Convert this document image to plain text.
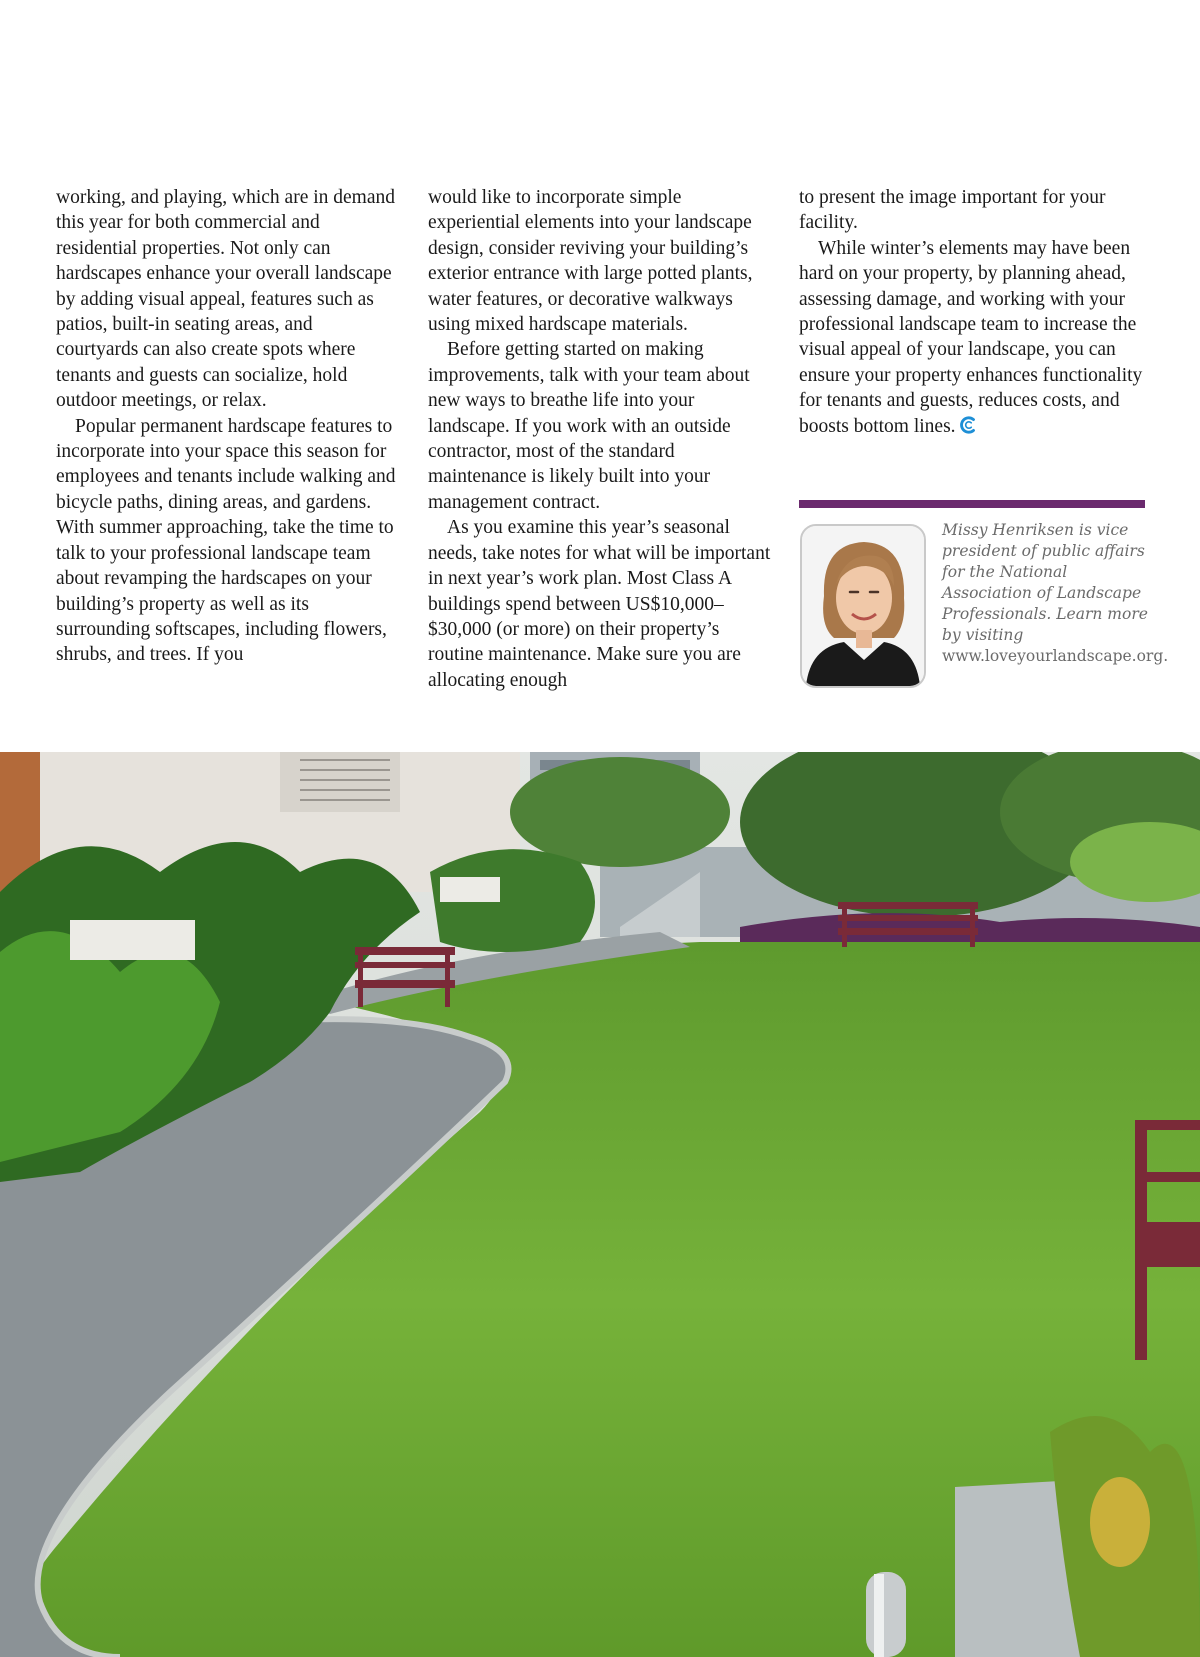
working, and playing, which are in demand this year for both commercial and residential properties. Not only can hardscapes enhance your overall landscape by adding visual appeal, features such as patios, built-in seating areas, and courtyards can also create spots where tenants and guests can socialize, hold outdoor meetings, or relax.

Popular permanent hardscape features to incorporate into your space this season for employees and tenants include walking and bicycle paths, dining areas, and gardens. With summer approaching, take the time to talk to your professional landscape team about revamping the hardscapes on your building’s property as well as its surrounding softscapes, including flowers, shrubs, and trees. If you

would like to incorporate simple experiential elements into your landscape design, consider reviving your building’s exterior entrance with large potted plants, water features, or decorative walkways using mixed hardscape materials.

Before getting started on making improvements, talk with your team about new ways to breathe life into your landscape. If you work with an outside contractor, most of the standard maintenance is likely built into your management contract.

As you examine this year’s seasonal needs, take notes for what will be important in next year’s work plan. Most Class A buildings spend between US$10,000–$30,000 (or more) on their property’s routine maintenance. Make sure you are allocating enough

to present the image important for your facility.

While winter’s elements may have been hard on your property, by planning ahead, assessing damage, and working with your professional landscape team to increase the visual appeal of your landscape, you can ensure your property enhances functionality for tenants and guests, reduces costs, and boosts bottom lines.

Missy Henriksen is vice president of public affairs for the National Association of Landscape Professionals. Learn more by visiting www.loveyourlandscape.org.
